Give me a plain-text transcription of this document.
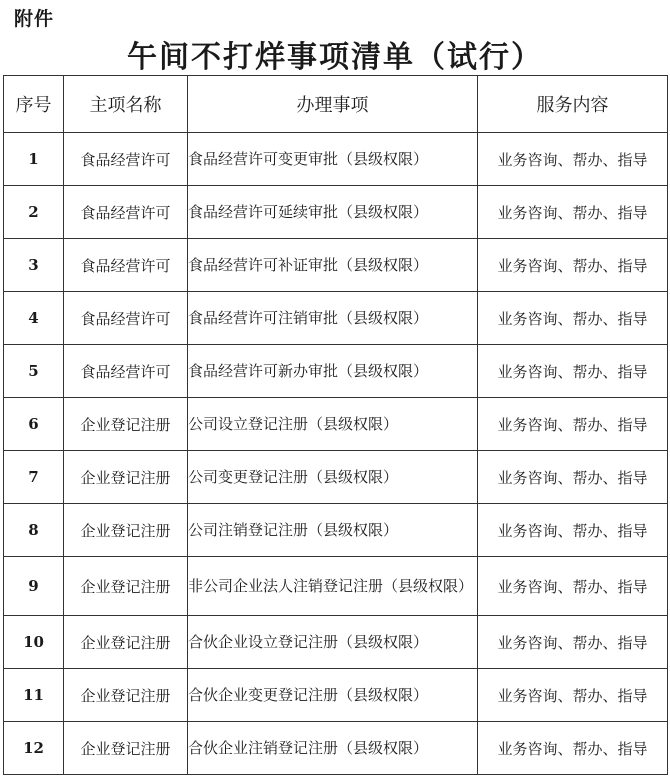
附件
午间不打烊事项清单（试行）
序号	主项名称	办理事项	服务内容
1	食品经营许可	食品经营许可变更审批（县级权限）	业务咨询、帮办、指导
2	食品经营许可	食品经营许可延续审批（县级权限）	业务咨询、帮办、指导
3	食品经营许可	食品经营许可补证审批（县级权限）	业务咨询、帮办、指导
4	食品经营许可	食品经营许可注销审批（县级权限）	业务咨询、帮办、指导
5	食品经营许可	食品经营许可新办审批（县级权限）	业务咨询、帮办、指导
6	企业登记注册	公司设立登记注册（县级权限）	业务咨询、帮办、指导
7	企业登记注册	公司变更登记注册（县级权限）	业务咨询、帮办、指导
8	企业登记注册	公司注销登记注册（县级权限）	业务咨询、帮办、指导
9	企业登记注册	非公司企业法人注销登记注册（县级权限）	业务咨询、帮办、指导
10	企业登记注册	合伙企业设立登记注册（县级权限）	业务咨询、帮办、指导
11	企业登记注册	合伙企业变更登记注册（县级权限）	业务咨询、帮办、指导
12	企业登记注册	合伙企业注销登记注册（县级权限）	业务咨询、帮办、指导
